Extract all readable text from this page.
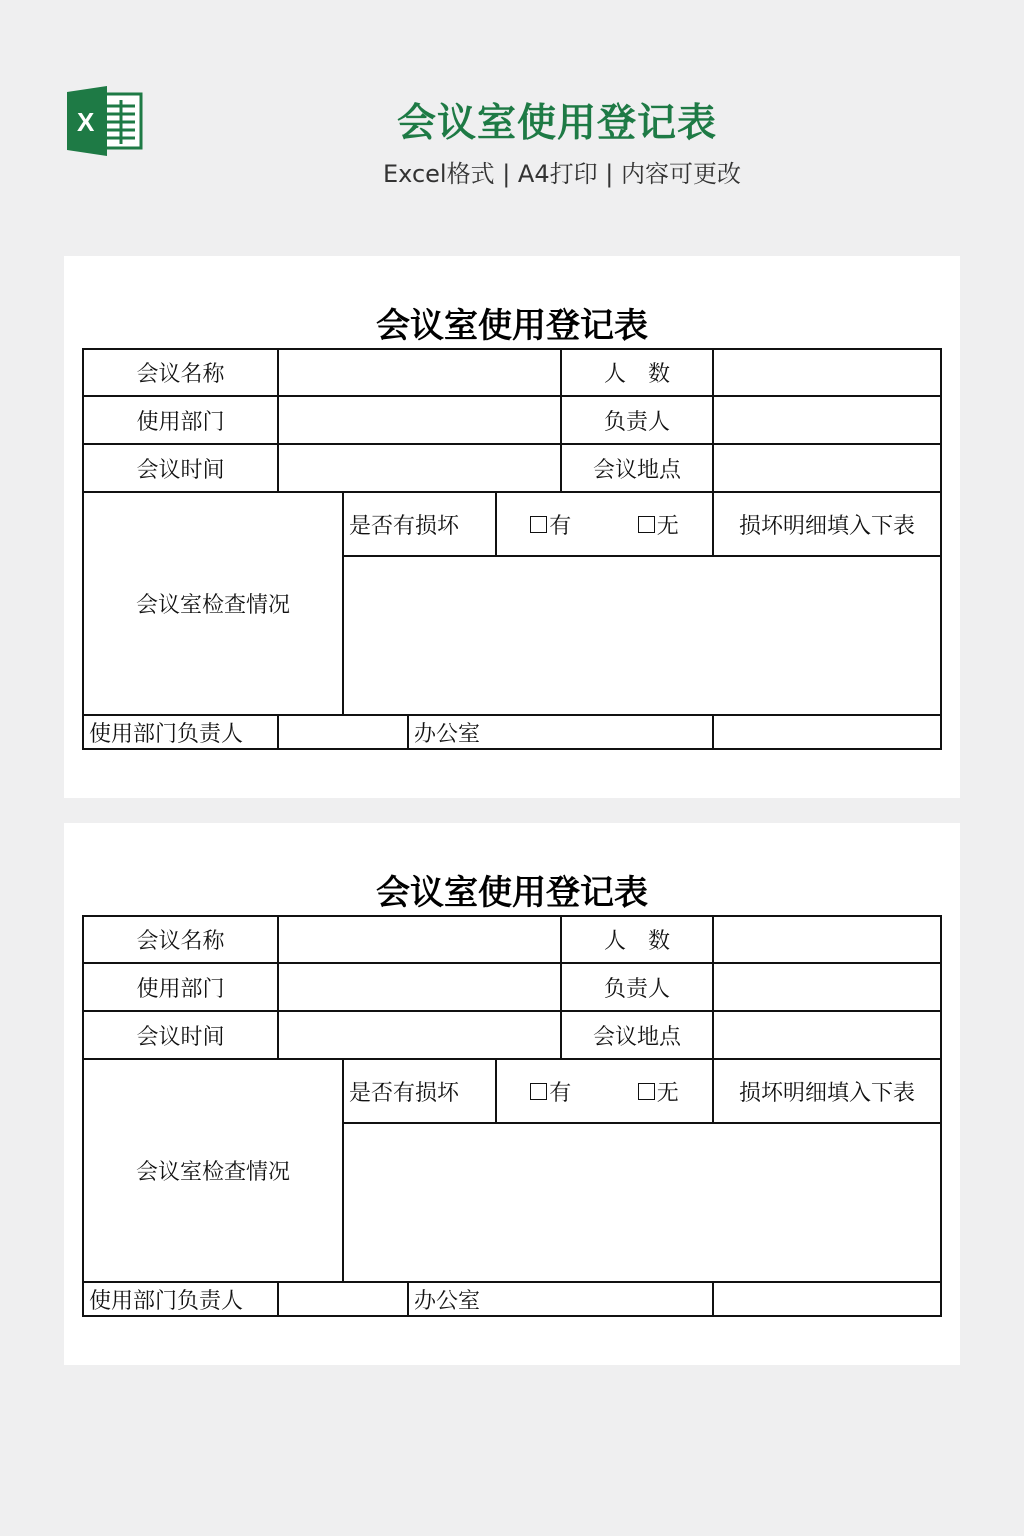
X	会议室使用登记表
Excel格式 | A4打印 | 内容可更改
会议室使用登记表
会议名称	人　数
使用部门	负责人
会议时间	会议地点
会议室检查情况
是否有损坏	有	无	损坏明细填入下表
使用部门负责人	办公室
会议室使用登记表
会议名称	人　数
使用部门	负责人
会议时间	会议地点
会议室检查情况
是否有损坏	有	无	损坏明细填入下表
使用部门负责人	办公室
